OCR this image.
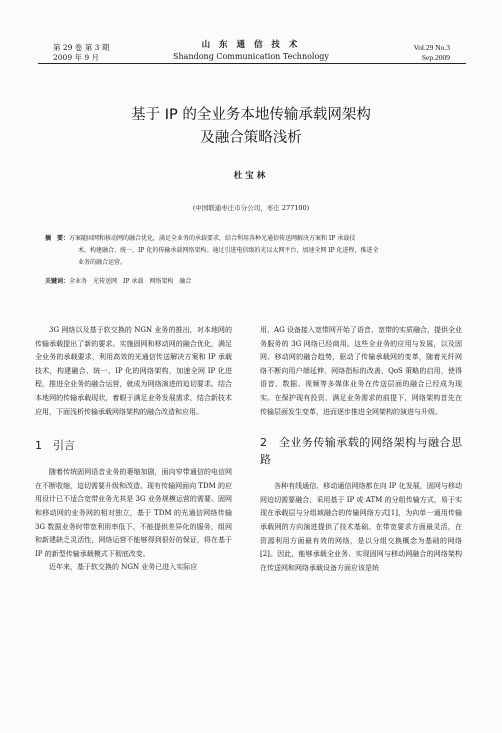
第 29 卷 第 3 期
2009 年 9 月
山 东 通 信 技 术
Shandong Communication Technology
Vol.29 No.3
Sep.2009
基于 IP 的全业务本地传输承载网架构
及融合策略浅析
杜宝林
(中国联通枣庄市分公司，枣庄 277100)

摘　要：方案随固网和移动网的融合优化，满足全业务的承载要求，结合利用各种光通信传送网解决方案和 IP 承载技

术，构建融合、统一，IP 化的传输承载网络架构。通过引进电信级的光以太网平台，加速全网 IP 化进程，推进全
业务的融合运营。
关键词：全业务　光传送网　IP 承载　网络架构　融合

3G 网络以及基于软交换的 NGN 业务的推出，对本地网的传输承载提出了新的要求。实施固网和移动网的融合优化，满足全业务的承载要求，利用高效的光通信传送解决方案和 IP 承载技术，构建融合、统一、IP 化的网络架构，加速全网 IP 化进程，推进全业务的融合运营，就成为网络演进的迫切要求。结合本地网的传输承载现状，着眼于满足业务发展需求，结合新技术应用，下面浅析传输承载网络架构的融合改造和应用。

1　引言

随着传统固网语音业务的萎缩加剧，面向窄带通信的电信网在不断收缩，迫切需要升级和改造。现有传输网面向 TDM 的应用设计已不适合宽带业务尤其是 3G 业务规模运营的需要。固网和移动网的业务网的相对独立，基于 TDM 的光通信网络传输 3G 数据业务时带宽利用率低下、不能提供差异化的服务，组网和新建缺乏灵活性，网络运营不能够得到很好的保证，将在基于 IP 的新型传输承载模式下彻底改变。

近年来，基于软交换的 NGN 业务已进入实际应

用，AG 设备接入宽带网开始了语音、宽带的实质融合，提供全业务服务的 3G 网络已经商用。这些全业务的应用与发展，以及固网、移动网的融合趋势，驱动了传输承载网的变革，随着光纤网络不断向用户端延伸，网络指标的改善，QoS 策略的启用，使得语音、数据、视频等多媒体业务在传送层面的融合已经成为现实。在保护现有投资、满足业务需求的前提下，网络架构首先在传输层面发生变革，进而逐步推进全网架构的演进与升级。

2　全业务传输承载的网络架构与融合思路

各种有线通信、移动通信网络都在向 IP 化发展，固网与移动网迫切需要融合，采用基于 IP 或 ATM 的分组传输方式，易于实现在承载层与分组域融合的传输网络方式[1]，为向单一通用传输承载网的方向演进提供了技术基础。在带宽要求方面最灵活，在资源利用方面最有效的网络，是以分组交换概念为基础的网络[2]。因此，能够承载全业务、实现固网与移动网融合的网络架构在传送网和网络承载设备方面应该是统
